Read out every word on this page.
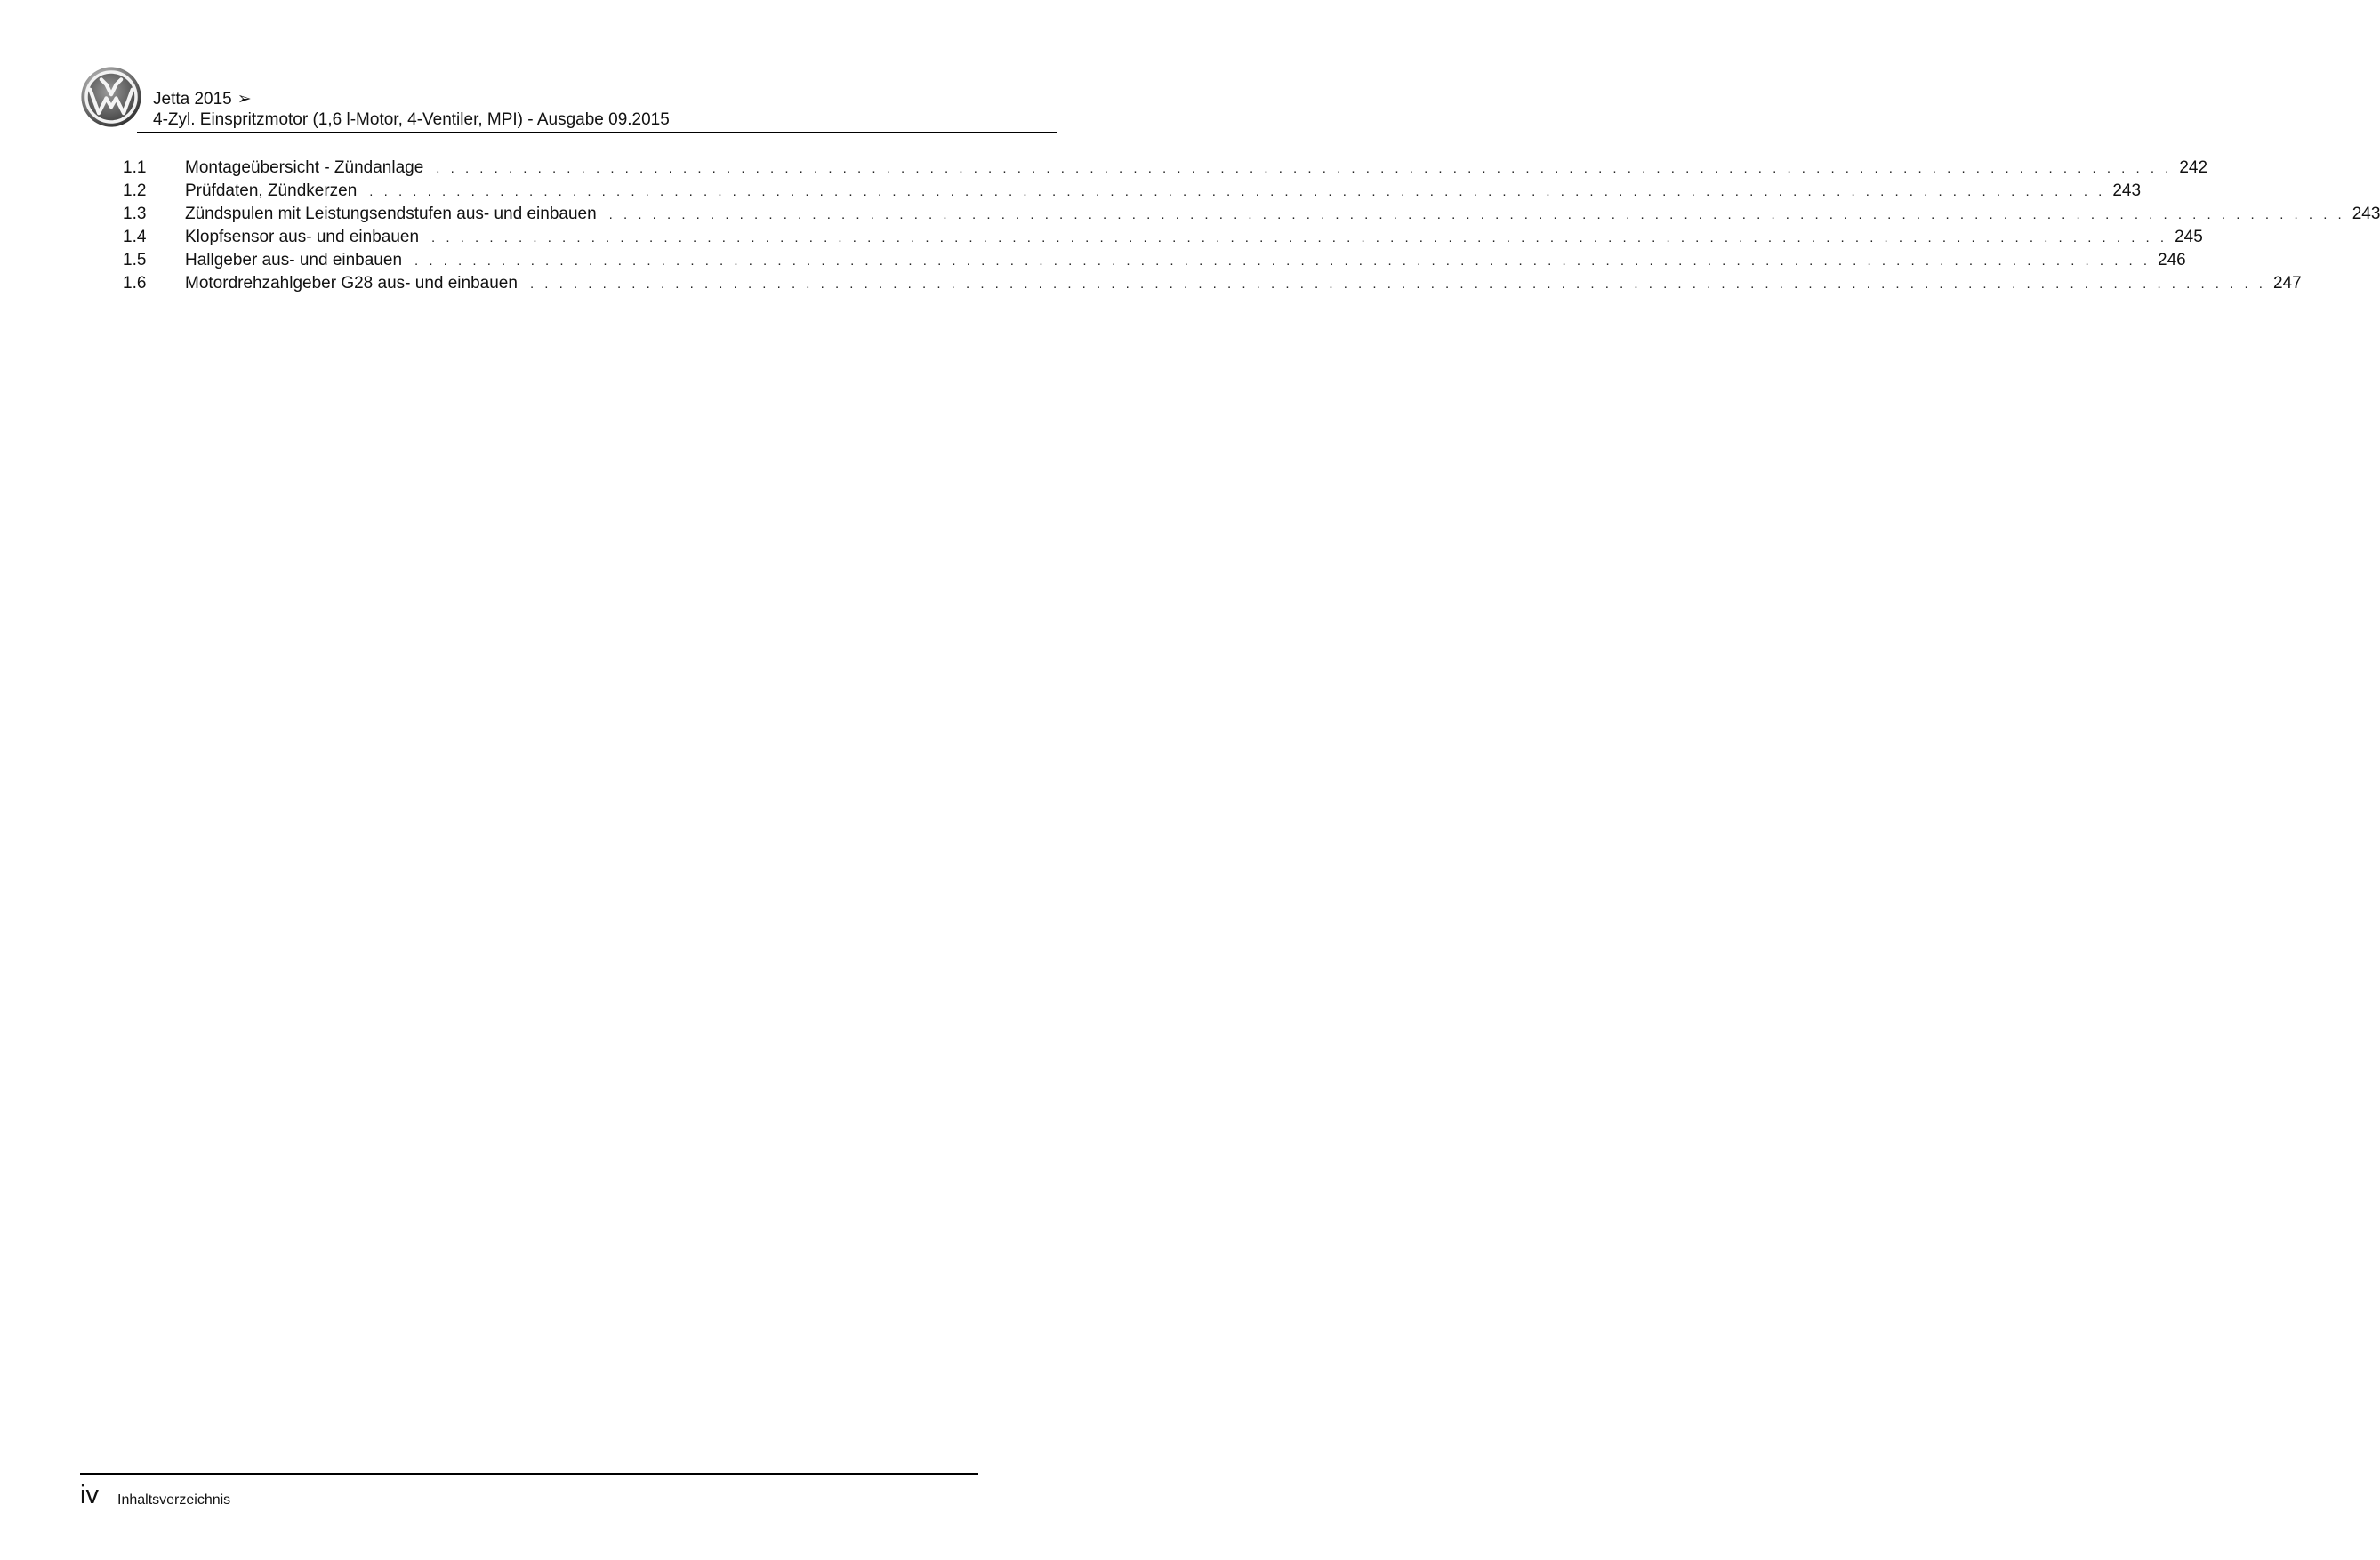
Jetta 2015 ➢
4-Zyl. Einspritzmotor (1,6 l-Motor, 4-Ventiler, MPI) - Ausgabe 09.2015
1.1	Montageübersicht - Zündanlage . . . . . . . . . . . . . . . . . . . . . . . . . . . . . . . . . . . . . . . . . . . . . . . . . . . . . . . . . . . . . . . . . . . . . . . . . . . . . . . . . . . . . . . . . . . . . . . . . . . . . . . . . . . . . . . . . . . . . . . . 242
1.2	Prüfdaten, Zündkerzen . . . . . . . . . . . . . . . . . . . . . . . . . . . . . . . . . . . . . . . . . . . . . . . . . . . . . . . . . . . . . . . . . . . . . . . . . . . . . . . . . . . . . . . . . . . . . . . . . . . . . . . . . . . . . . . . . . . . . . . . 243
1.3	Zündspulen mit Leistungsendstufen aus- und einbauen . . . . . . . . . . . . . . . . . . . . . . . . . . . . . . . . . . . . . . . . . . . . . . . . . . . . . . . . . . . . . . . . . . . . . . . . . . . . . . . . . . . . . . . . . . . . . . . . . . . . . . . . . . . . . . . . . . . . . . . . 243
1.4	Klopfsensor aus- und einbauen . . . . . . . . . . . . . . . . . . . . . . . . . . . . . . . . . . . . . . . . . . . . . . . . . . . . . . . . . . . . . . . . . . . . . . . . . . . . . . . . . . . . . . . . . . . . . . . . . . . . . . . . . . . . . . . . . . . . . . . . 245
1.5	Hallgeber aus- und einbauen . . . . . . . . . . . . . . . . . . . . . . . . . . . . . . . . . . . . . . . . . . . . . . . . . . . . . . . . . . . . . . . . . . . . . . . . . . . . . . . . . . . . . . . . . . . . . . . . . . . . . . . . . . . . . . . . . . . . . . . . 246
1.6	Motordrehzahlgeber G28 aus- und einbauen . . . . . . . . . . . . . . . . . . . . . . . . . . . . . . . . . . . . . . . . . . . . . . . . . . . . . . . . . . . . . . . . . . . . . . . . . . . . . . . . . . . . . . . . . . . . . . . . . . . . . . . . . . . . . . . . . . . . . . . . 247
iv Inhaltsverzeichnis
